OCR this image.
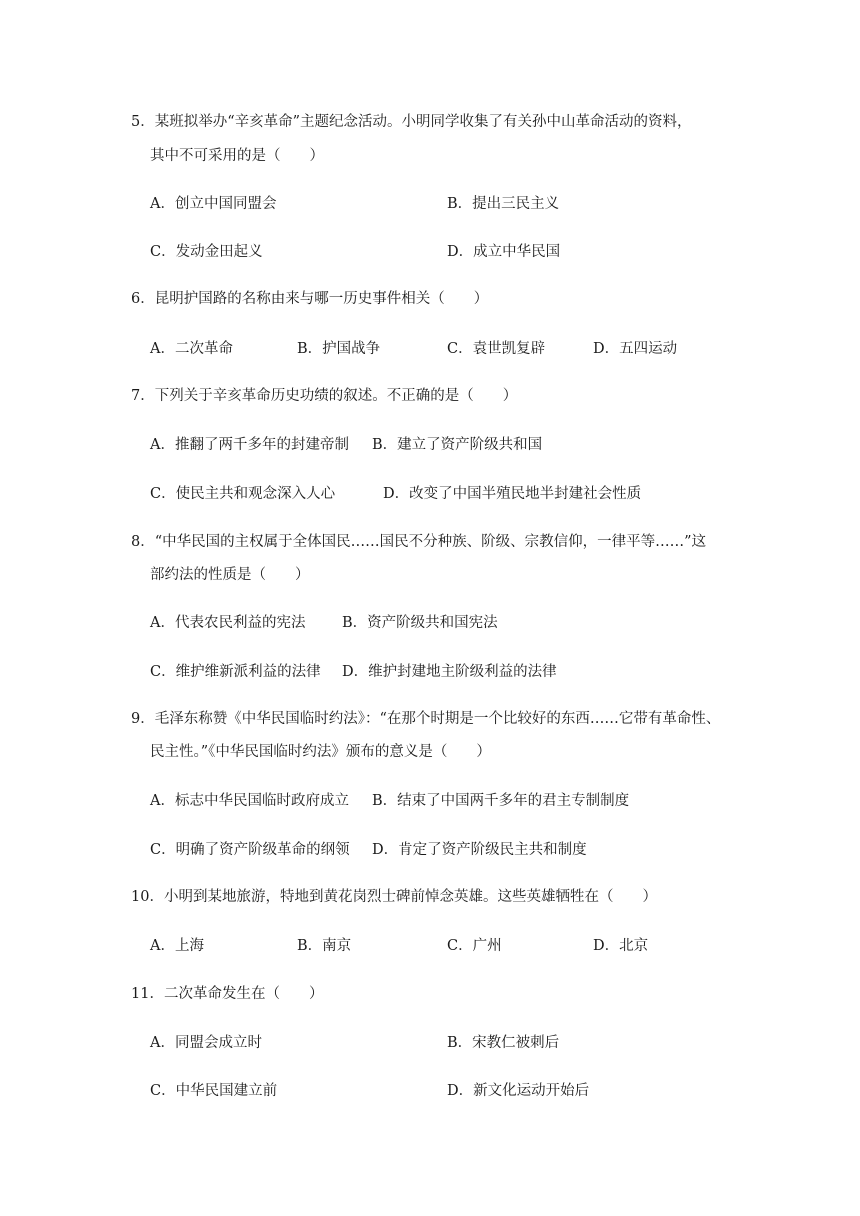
5．某班拟举办“辛亥革命”主题纪念活动。小明同学收集了有关孙中山革命活动的资料，
其中不可采用的是（　　）
A．创立中国同盟会	B．提出三民主义
C．发动金田起义	D．成立中华民国
6．昆明护国路的名称由来与哪一历史事件相关（　　）
A．二次革命	B．护国战争	C．袁世凯复辟	D．五四运动
7．下列关于辛亥革命历史功绩的叙述。不正确的是（　　）
A．推翻了两千多年的封建帝制 B．建立了资产阶级共和国
C．使民主共和观念深入人心	D．改变了中国半殖民地半封建社会性质
8．“中华民国的主权属于全体国民……国民不分种族、阶级、宗教信仰，一律平等……”这
部约法的性质是（　　）
A．代表农民利益的宪法	B．资产阶级共和国宪法
C．维护维新派利益的法律 D．维护封建地主阶级利益的法律
9．毛泽东称赞《中华民国临时约法》：“在那个时期是一个比较好的东西……它带有革命性、
民主性。”《中华民国临时约法》颁布的意义是（　　）
A．标志中华民国临时政府成立 B．结束了中国两千多年的君主专制制度
C．明确了资产阶级革命的纲领 D．肯定了资产阶级民主共和制度
10．小明到某地旅游，特地到黄花岗烈士碑前悼念英雄。这些英雄牺牲在（　　）
A．上海	B．南京	C．广州	D．北京
11．二次革命发生在（　　）
A．同盟会成立时	B．宋教仁被刺后
C．中华民国建立前	D．新文化运动开始后
